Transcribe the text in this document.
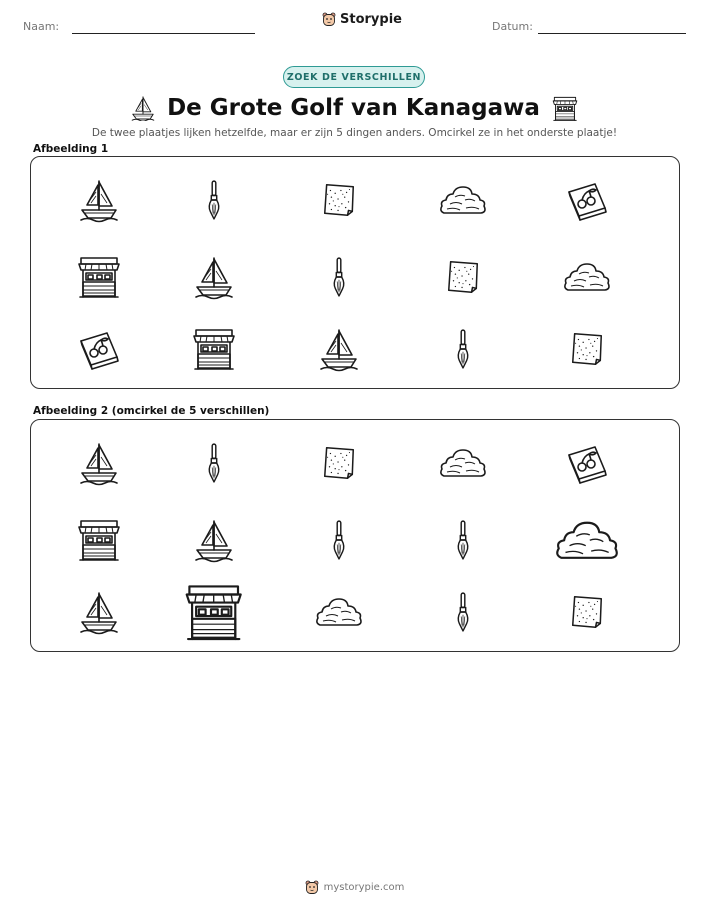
Naam:	Storypie	Datum:
ZOEK DE VERSCHILLEN
De Grote Golf van Kanagawa
De twee plaatjes lijken hetzelfde, maar er zijn 5 dingen anders. Omcirkel ze in het onderste plaatje!
Afbeelding 1
Afbeelding 2 (omcirkel de 5 verschillen)
mystorypie.com
